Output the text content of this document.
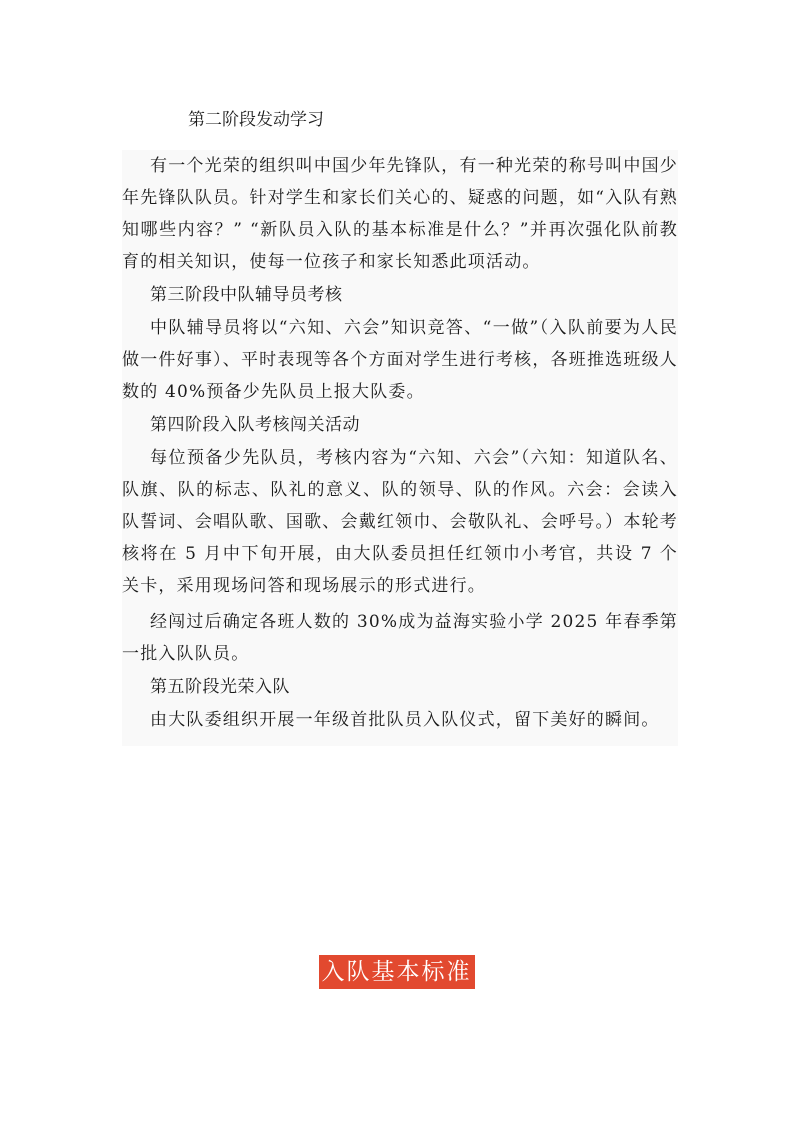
第二阶段发动学习

有一个光荣的组织叫中国少年先锋队，有一种光荣的称号叫中国少年先锋队队员。针对学生和家长们关心的、疑惑的问题，如“入队有熟知哪些内容？” “新队员入队的基本标准是什么？”并再次强化队前教育的相关知识，使每一位孩子和家长知悉此项活动。

第三阶段中队辅导员考核

中队辅导员将以“六知、六会”知识竞答、“一做”（入队前要为人民做一件好事）、平时表现等各个方面对学生进行考核，各班推选班级人数的 40%预备少先队员上报大队委。

第四阶段入队考核闯关活动

每位预备少先队员，考核内容为“六知、六会”（六知：知道队名、队旗、队的标志、队礼的意义、队的领导、队的作风。六会：会读入队誓词、会唱队歌、国歌、会戴红领巾、会敬队礼、会呼号。）本轮考核将在 5 月中下旬开展，由大队委员担任红领巾小考官，共设 7 个关卡，采用现场问答和现场展示的形式进行。

经闯过后确定各班人数的 30%成为益海实验小学 2025 年春季第一批入队队员。

第五阶段光荣入队

由大队委组织开展一年级首批队员入队仪式，留下美好的瞬间。

入队基本标准
